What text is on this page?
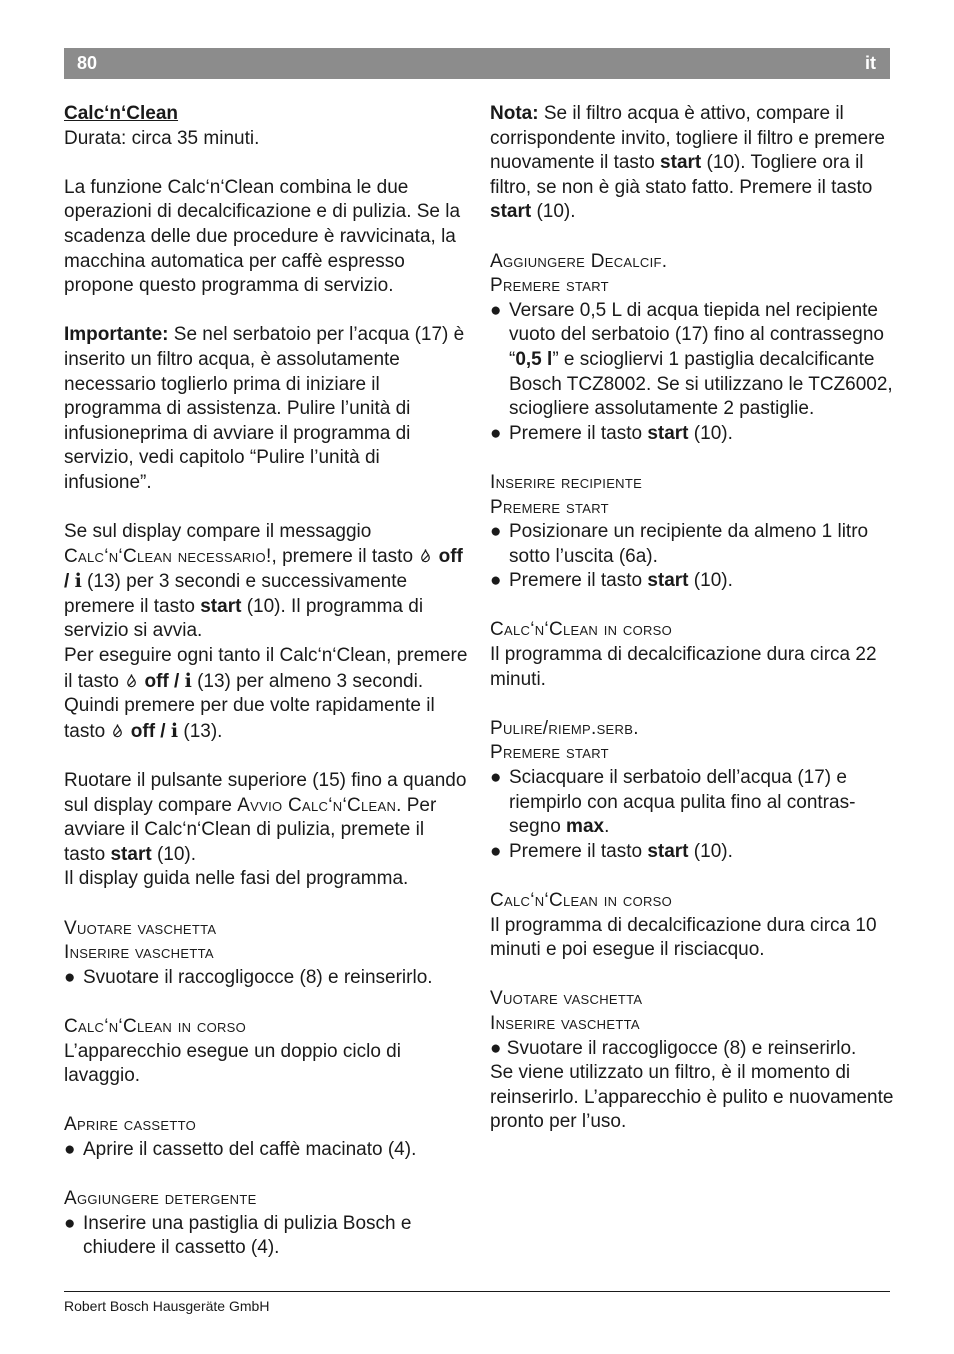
80	it
Calc‘n‘Clean
Durata: circa 35 minuti.
La funzione Calc‘n‘Clean combina le due operazioni di decalcificazione e di pulizia. Se la scadenza delle due procedure è ravvicinata, la macchina automatica per caffè espresso propone questo programma di servizio.
Importante: Se nel serbatoio per l’acqua (17) è inserito un filtro acqua, è assolutamente necessario toglierlo prima di iniziare il programma di assistenza. Pulire l’unità di infusioneprima di avviare il programma di servizio, vedi capitolo “Pulire l’unità di infusione”.
Se sul display compare il messaggio Calc‘n‘Clean necessario!, premere il tasto  off / i (13) per 3 secondi e successivamente premere il tasto start (10). Il programma di servizio si avvia.
Per eseguire ogni tanto il Calc‘n‘Clean, premere il tasto  off / i (13) per almeno 3 secondi. Quindi premere per due volte rapidamente il tasto  off / i (13).
Ruotare il pulsante superiore (15) fino a quando sul display compare Avvio Calc‘n‘Clean. Per avviare il Calc‘n‘Clean di pulizia, premete il tasto start (10).
Il display guida nelle fasi del programma.
Vuotare vaschetta
Inserire vaschetta
● Svuotare il raccogligocce (8) e reinserirlo.
Calc‘n‘Clean in corso
L’apparecchio esegue un doppio ciclo di lavaggio.
Aprire cassetto
● Aprire il cassetto del caffè macinato (4).
Aggiungere detergente
● Inserire una pastiglia di pulizia Bosch e chiudere il cassetto (4).
Nota: Se il filtro acqua è attivo, compare il corrispondente invito, togliere il filtro e premere nuovamente il tasto start (10). Togliere ora il filtro, se non è già stato fatto. Premere il tasto start (10).
Aggiungere Decalcif.
Premere start
● Versare 0,5 L di acqua tiepida nel recipiente vuoto del serbatoio (17) fino al contrassegno “0,5 l” e sciogliervi 1 pastiglia decalcificante Bosch TCZ8002. Se si utilizzano le TCZ6002, sciogliere assolutamente 2 pastiglie.
● Premere il tasto start (10).
Inserire recipiente
Premere start
● Posizionare un recipiente da almeno 1 litro sotto l’uscita (6a).
● Premere il tasto start (10).
Calc‘n‘Clean in corso
Il programma di decalcificazione dura circa 22 minuti.
Pulire/riemp.serb.
Premere start
● Sciacquare il serbatoio dell’acqua (17) e riempirlo con acqua pulita fino al contrassegno max.
● Premere il tasto start (10).
Calc‘n‘Clean in corso
Il programma di decalcificazione dura circa 10 minuti e poi esegue il risciacquo.
Vuotare vaschetta
Inserire vaschetta
● Svuotare il raccogligocce (8) e reinserirlo.
Se viene utilizzato un filtro, è il momento di reinserirlo. L’apparecchio è pulito e nuovamente pronto per l’uso.
Robert Bosch Hausgeräte GmbH
